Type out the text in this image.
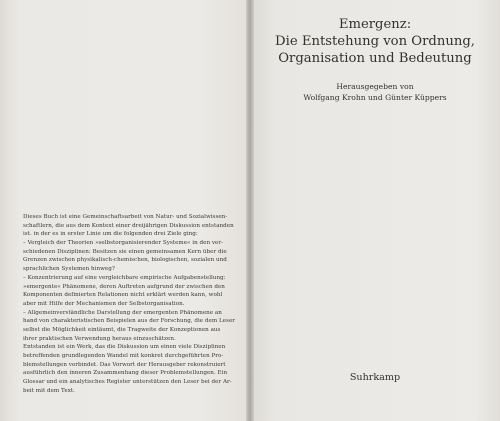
Dieses Buch ist eine Gemeinschaftsarbeit von Natur- und Sozialwissen-
schaftlern, die aus dem Kontext einer dreijährigen Diskussion entstanden
ist. in der es in erster Linie um die folgenden drei Ziele ging:
– Vergleich der Theorien »selbstorganisierender Systeme« in den ver-
schiedenen Disziplinen: Besitzen sie einen gemeinsamen Kern über die
Grenzen zwischen physikalisch-chemischen, biologischen, sozialen und
sprachlichen Systemen hinweg?
– Konzentrierung auf eine vergleichbare empirische Aufgabenstellung:
»emergente« Phänomene, deren Auftreten aufgrund der zwischen den
Komponenten definierten Relationen nicht erklärt werden kann, wohl
aber mit Hilfe der Mechanismen der Selbstorganisation.
– Allgemeinverständliche Darstellung der emergenten Phänomene an
hand von charakteristischen Beispielen aus der Forschung, die dem Leser
selbst die Möglichkeit eintäumt, die Tragweite der Konzeptionen aus
ihrer praktischen Verwendung heraus einzuschätzen.
Entstanden ist ein Werk, das die Diskussion um einen viele Disziplinen
betreffenden grundlegenden Wandel mit konkret durchgeführten Pro-
blemstellungen verbindet. Das Vorwort der Herausgeber rekonstruiert
ausführlich den inneren Zusammenhang dieser Problemstellungen. Ein
Glossar und ein analytisches Register unterstützen den Leser bei der Ar-
beit mit dem Text.
Emergenz:
Die Entstehung von Ordnung,
Organisation und Bedeutung
Herausgegeben von
Wolfgang Krohn und Günter Küppers
Suhrkamp
